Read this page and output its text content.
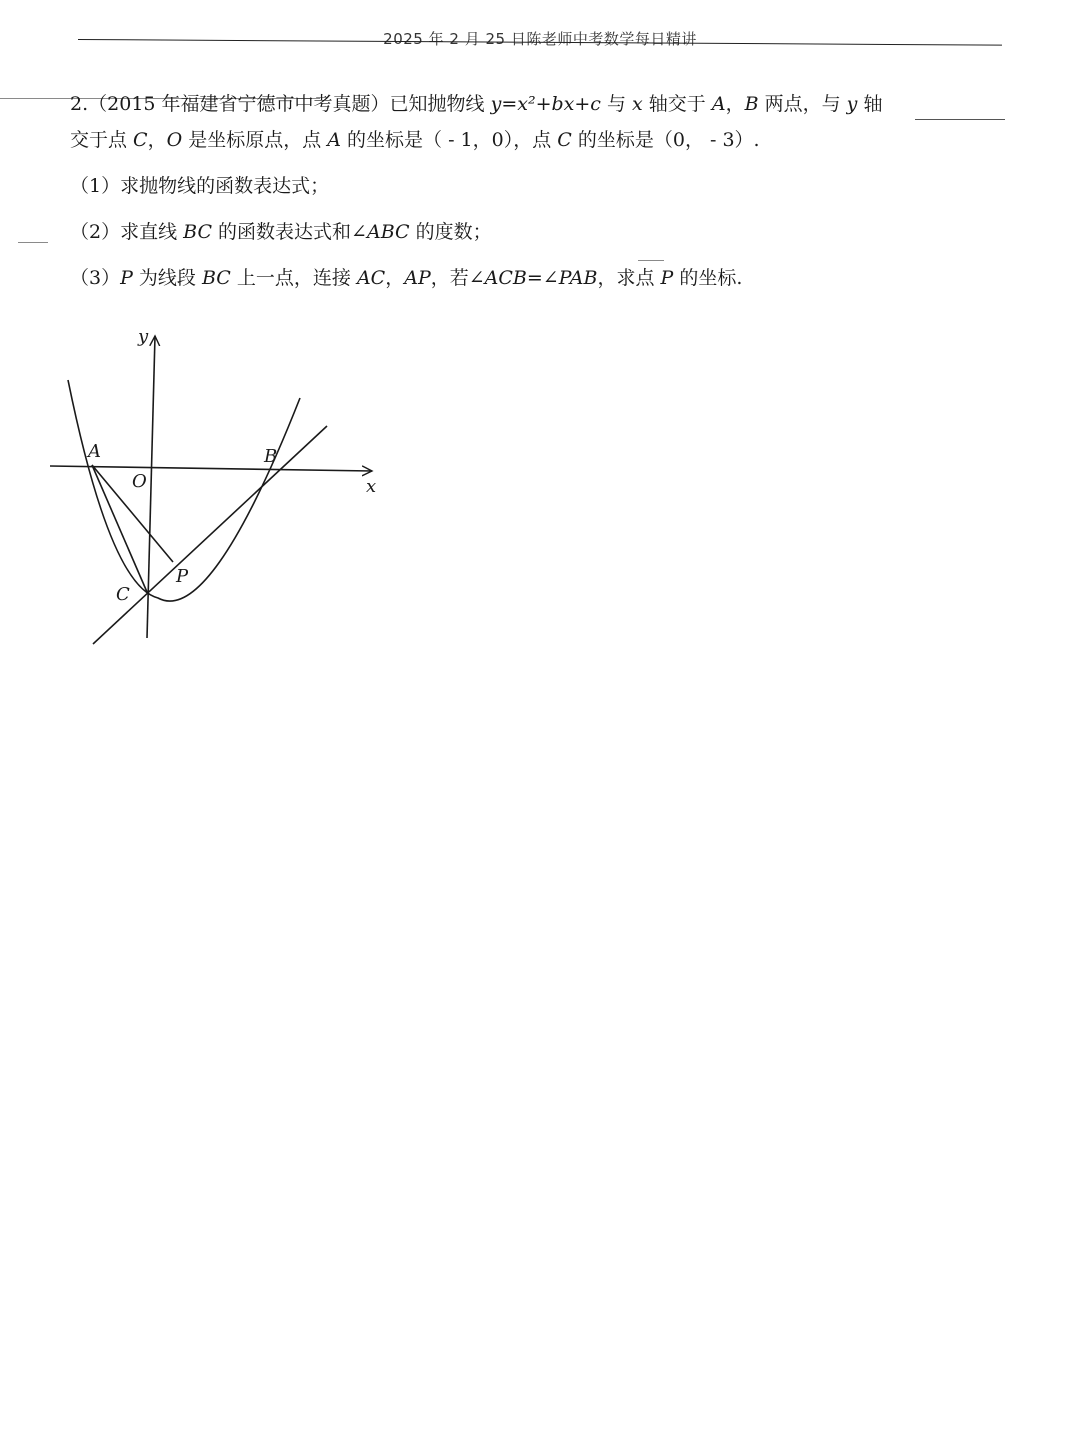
2025 年 2 月 25 日陈老师中考数学每日精讲
2.（2015 年福建省宁德市中考真题）已知抛物线 y=x²+bx+c 与 x 轴交于 A，B 两点，与 y 轴
交于点 C，O 是坐标原点，点 A 的坐标是（ - 1，0），点 C 的坐标是（0， - 3）.
（1）求抛物线的函数表达式；
（2）求直线 BC 的函数表达式和∠ABC 的度数；
（3）P 为线段 BC 上一点，连接 AC，AP，若∠ACB=∠PAB，求点 P 的坐标.
y
x
A	B
O
C
P
